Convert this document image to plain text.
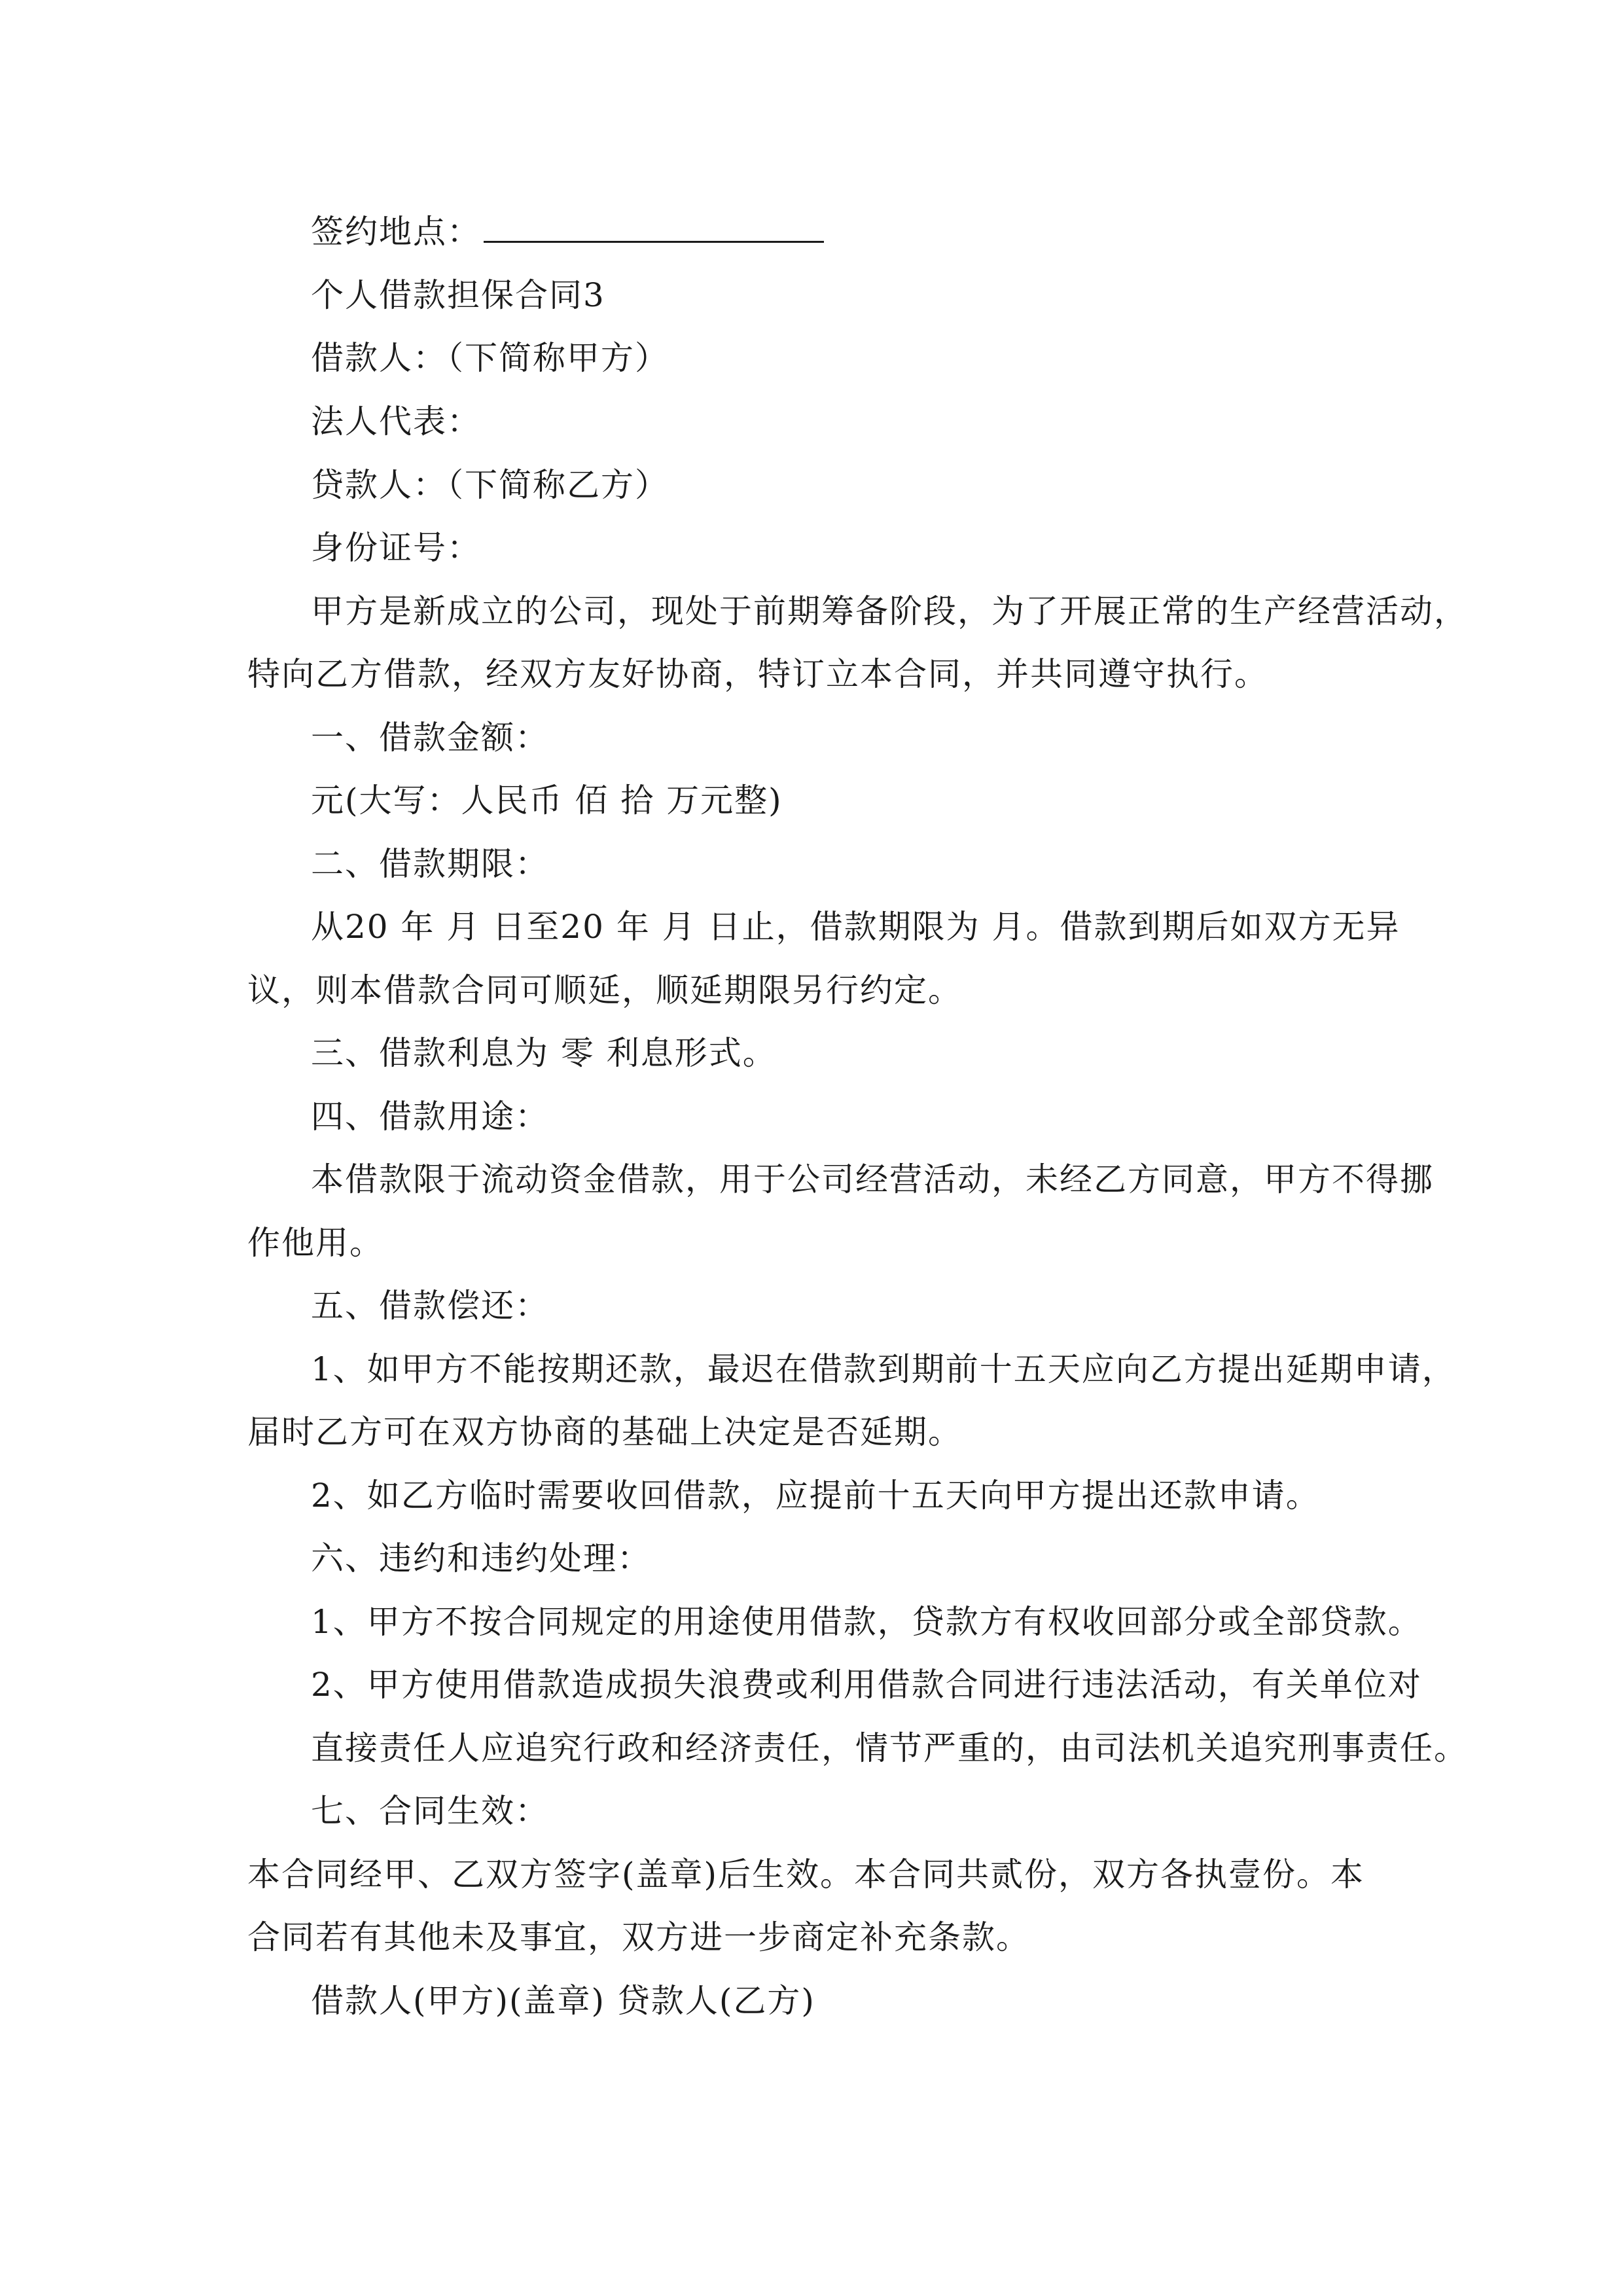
签约地点：
个人借款担保合同3
借款人：（下简称甲方）
法人代表：
贷款人：（下简称乙方）
身份证号：
甲方是新成立的公司，现处于前期筹备阶段，为了开展正常的生产经营活动，
特向乙方借款，经双方友好协商，特订立本合同，并共同遵守执行。
一、借款金额：
元(大写：人民币 佰 拾 万元整)
二、借款期限：
从20 年 月 日至20 年 月 日止，借款期限为 月。借款到期后如双方无异
议，则本借款合同可顺延，顺延期限另行约定。
三、借款利息为 零 利息形式。
四、借款用途：
本借款限于流动资金借款，用于公司经营活动，未经乙方同意，甲方不得挪
作他用。
五、借款偿还：
1、如甲方不能按期还款，最迟在借款到期前十五天应向乙方提出延期申请，
届时乙方可在双方协商的基础上决定是否延期。
2、如乙方临时需要收回借款，应提前十五天向甲方提出还款申请。
六、违约和违约处理：
1、甲方不按合同规定的用途使用借款，贷款方有权收回部分或全部贷款。
2、甲方使用借款造成损失浪费或利用借款合同进行违法活动，有关单位对
直接责任人应追究行政和经济责任，情节严重的，由司法机关追究刑事责任。
七、合同生效：
本合同经甲、乙双方签字(盖章)后生效。本合同共贰份，双方各执壹份。本
合同若有其他未及事宜，双方进一步商定补充条款。
借款人(甲方)(盖章) 贷款人(乙方)
